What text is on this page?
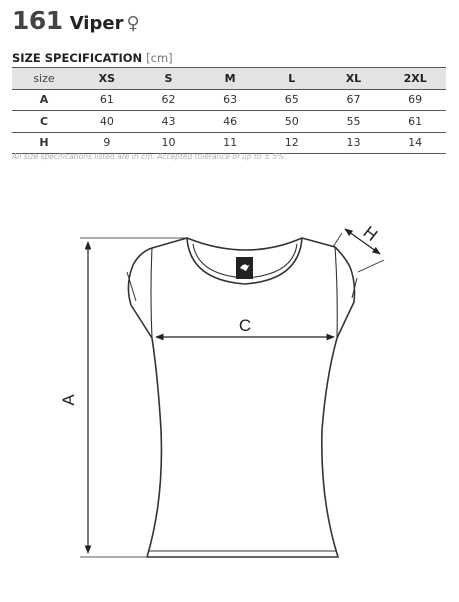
161 Viper ♀
SIZE SPECIFICATION [cm]
size	XS	S	M	L	XL	2XL
A	61	62	63	65	67	69
C	40	43	46	50	55	61
H	9	10	11	12	13	14
All size specifications listed are in cm. Accepted tolerance of up to ± 5%.
A
C
H
